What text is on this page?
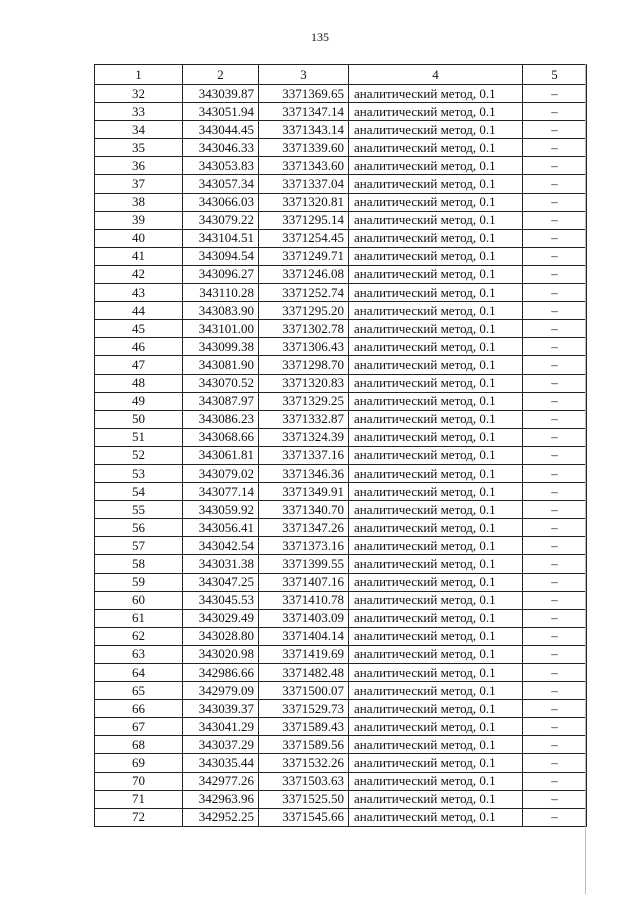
135
1	2	3	4	5
32	343039.87	3371369.65	аналитический метод, 0.1	–
33	343051.94	3371347.14	аналитический метод, 0.1	–
34	343044.45	3371343.14	аналитический метод, 0.1	–
35	343046.33	3371339.60	аналитический метод, 0.1	–
36	343053.83	3371343.60	аналитический метод, 0.1	–
37	343057.34	3371337.04	аналитический метод, 0.1	–
38	343066.03	3371320.81	аналитический метод, 0.1	–
39	343079.22	3371295.14	аналитический метод, 0.1	–
40	343104.51	3371254.45	аналитический метод, 0.1	–
41	343094.54	3371249.71	аналитический метод, 0.1	–
42	343096.27	3371246.08	аналитический метод, 0.1	–
43	343110.28	3371252.74	аналитический метод, 0.1	–
44	343083.90	3371295.20	аналитический метод, 0.1	–
45	343101.00	3371302.78	аналитический метод, 0.1	–
46	343099.38	3371306.43	аналитический метод, 0.1	–
47	343081.90	3371298.70	аналитический метод, 0.1	–
48	343070.52	3371320.83	аналитический метод, 0.1	–
49	343087.97	3371329.25	аналитический метод, 0.1	–
50	343086.23	3371332.87	аналитический метод, 0.1	–
51	343068.66	3371324.39	аналитический метод, 0.1	–
52	343061.81	3371337.16	аналитический метод, 0.1	–
53	343079.02	3371346.36	аналитический метод, 0.1	–
54	343077.14	3371349.91	аналитический метод, 0.1	–
55	343059.92	3371340.70	аналитический метод, 0.1	–
56	343056.41	3371347.26	аналитический метод, 0.1	–
57	343042.54	3371373.16	аналитический метод, 0.1	–
58	343031.38	3371399.55	аналитический метод, 0.1	–
59	343047.25	3371407.16	аналитический метод, 0.1	–
60	343045.53	3371410.78	аналитический метод, 0.1	–
61	343029.49	3371403.09	аналитический метод, 0.1	–
62	343028.80	3371404.14	аналитический метод, 0.1	–
63	343020.98	3371419.69	аналитический метод, 0.1	–
64	342986.66	3371482.48	аналитический метод, 0.1	–
65	342979.09	3371500.07	аналитический метод, 0.1	–
66	343039.37	3371529.73	аналитический метод, 0.1	–
67	343041.29	3371589.43	аналитический метод, 0.1	–
68	343037.29	3371589.56	аналитический метод, 0.1	–
69	343035.44	3371532.26	аналитический метод, 0.1	–
70	342977.26	3371503.63	аналитический метод, 0.1	–
71	342963.96	3371525.50	аналитический метод, 0.1	–
72	342952.25	3371545.66	аналитический метод, 0.1	–
